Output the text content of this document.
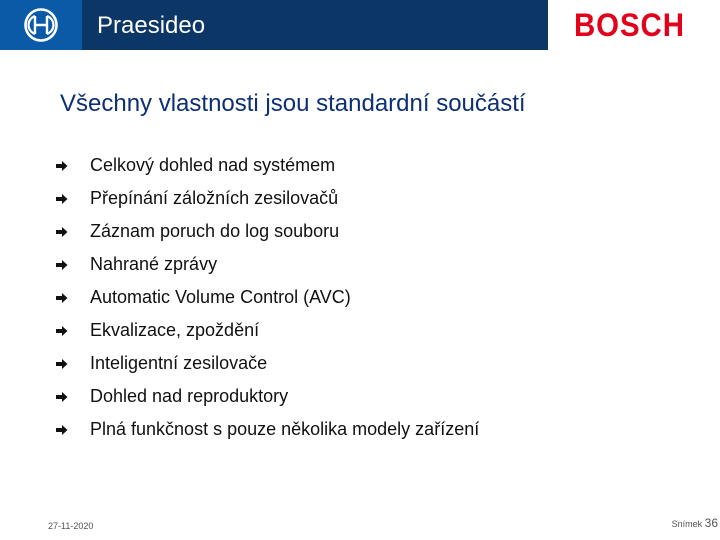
Praesideo	BOSCH
Všechny vlastnosti jsou standardní součástí
Celkový dohled nad systémem
Přepínání záložních zesilovačů
Záznam poruch do log souboru
Nahrané zprávy
Automatic Volume Control (AVC)
Ekvalizace, zpoždění
Inteligentní zesilovače
Dohled nad reproduktory
Plná funkčnost s pouze několika modely zařízení
27-11-2020	Snímek 36
